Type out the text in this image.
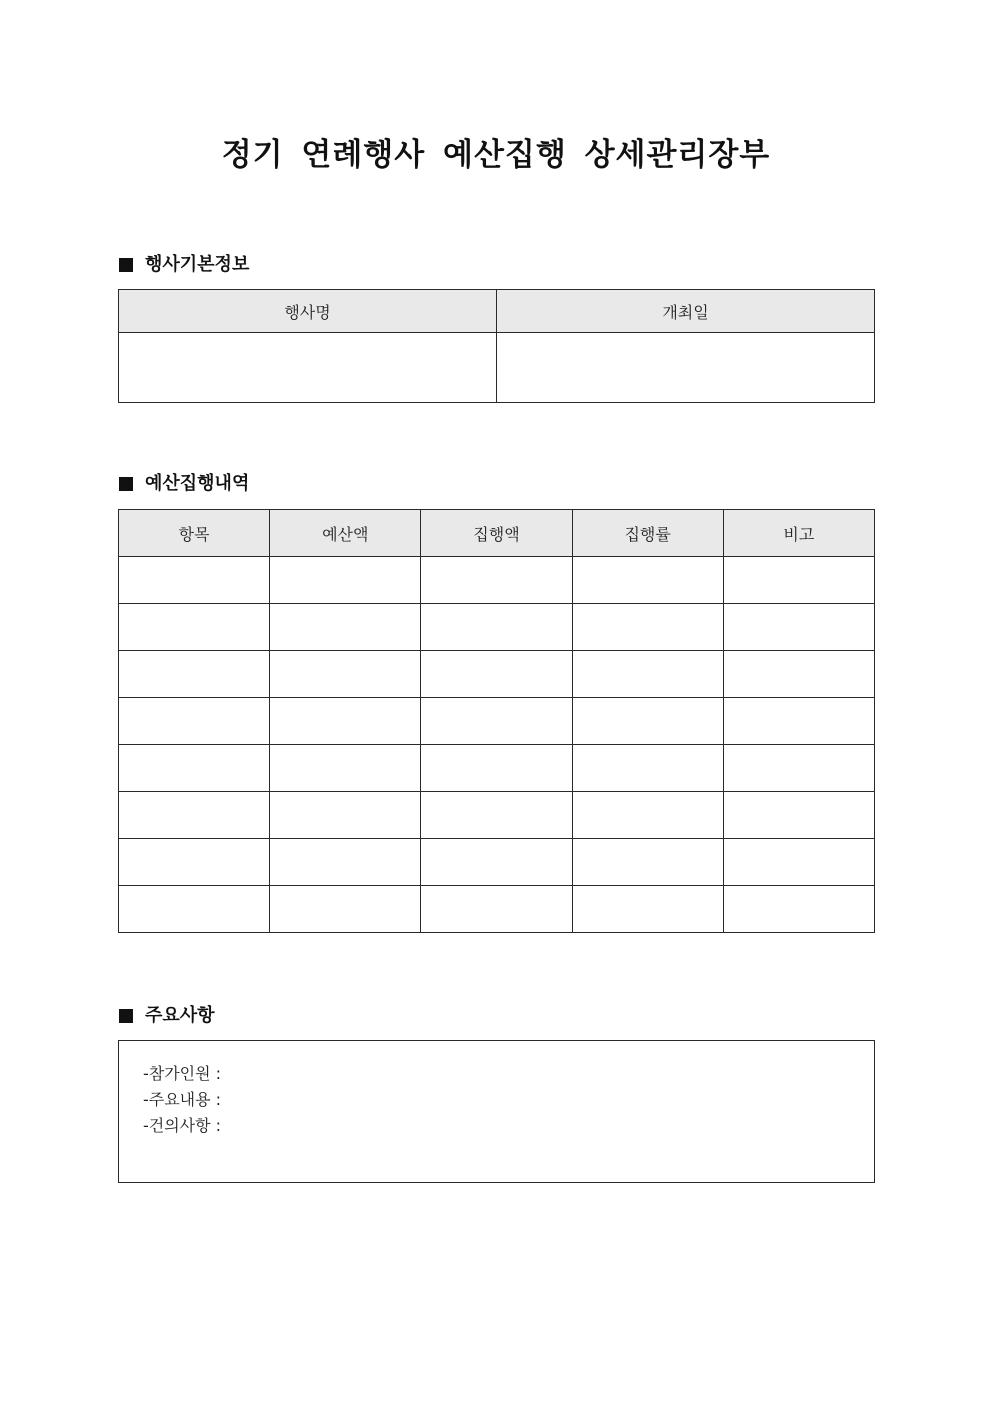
정기 연례행사 예산집행 상세관리장부
행사기본정보
행사명	개최일

예산집행내역
항목	예산액	집행액	집행률	비고

주요사항
-참가인원 :
-주요내용 :
-건의사항 :
